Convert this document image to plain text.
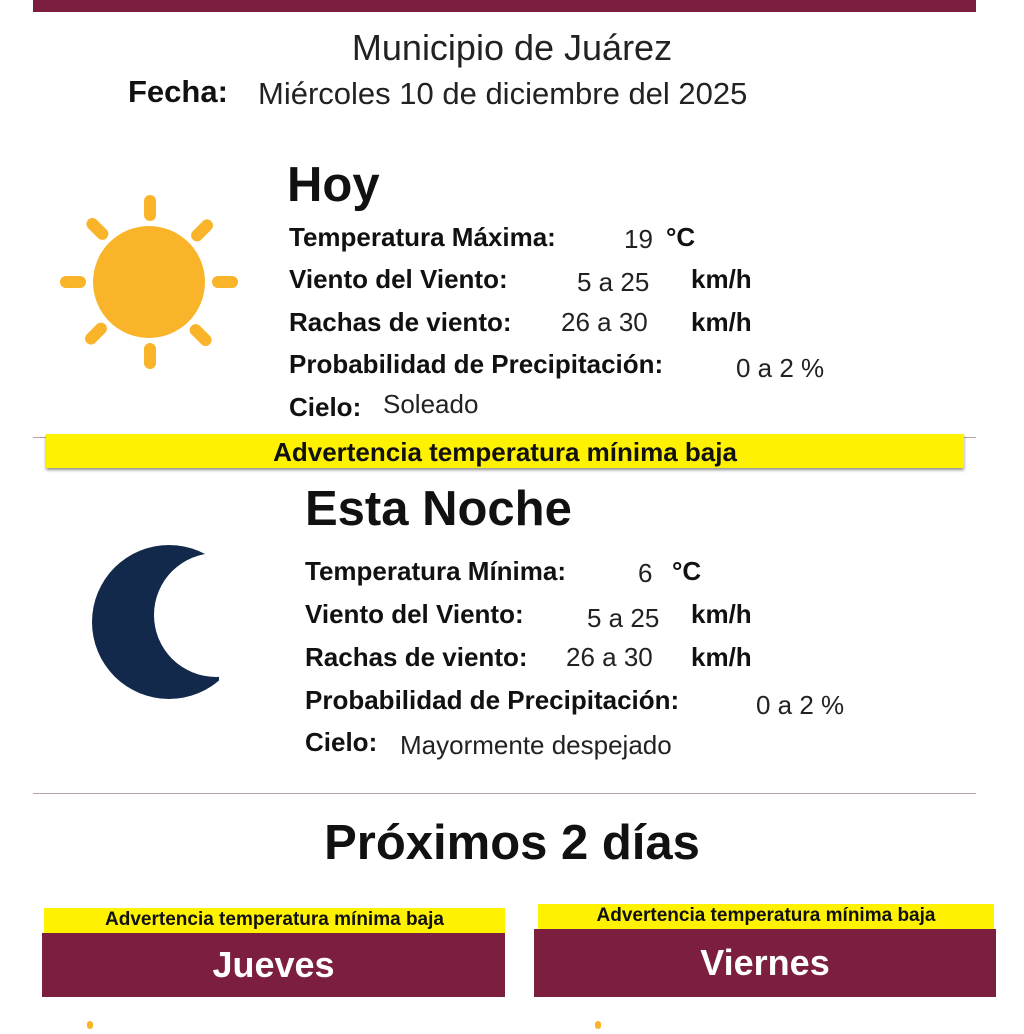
Municipio de Juárez
Fecha: Miércoles 10 de diciembre del 2025
Hoy
Temperatura Máxima:	19 °C
Viento del Viento:	5 a 25 km/h
Rachas de viento: 26 a 30 km/h
Probabilidad de Precipitación:	0 a 2 %
Cielo: Soleado
Advertencia temperatura mínima baja
Esta Noche
Temperatura Mínima:	6 °C
Viento del Viento: 5 a 25 km/h
Rachas de viento: 26 a 30 km/h
Probabilidad de Precipitación:	0 a 2 %
Cielo: Mayormente despejado
Próximos 2 días
Advertencia temperatura mínima baja
Jueves
Advertencia temperatura mínima baja
Viernes
